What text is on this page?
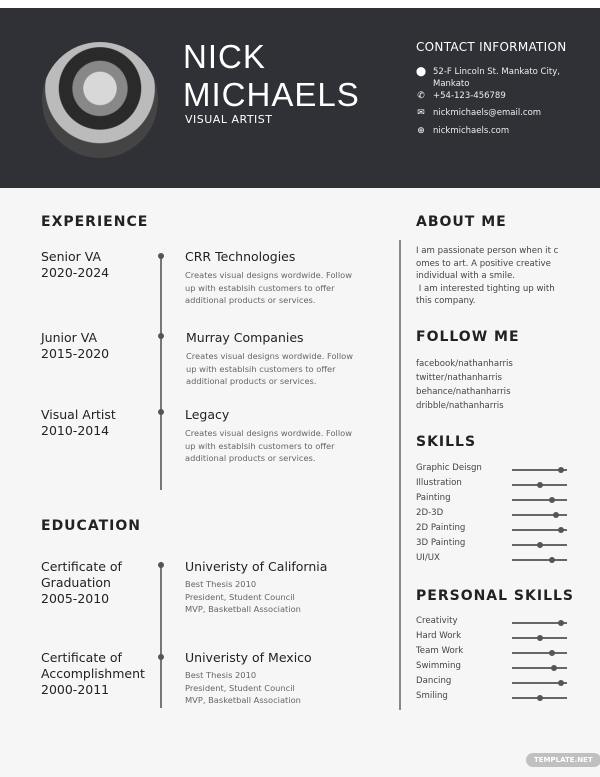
NICK
MICHAELS
VISUAL ARTIST
CONTACT INFORMATION
⬤ 52-F Lincoln St. Mankato City,
Mankato
✆ +54-123-456789
✉ nickmichaels@email.com
⊕ nickmichaels.com
EXPERIENCE
Senior VA
2020-2024
CRR Technologies
Creates visual designs wordwide. Follow up with establsih customers to offer additional products or services.
Junior VA
2015-2020
Murray Companies
Creates visual designs wordwide. Follow up with establsih customers to offer additional products or services.
Visual Artist
2010-2014
Legacy
Creates visual designs wordwide. Follow up with establsih customers to offer additional products or services.
EDUCATION
Certificate of
Graduation
2005-2010
Univeristy of California
Best Thesis 2010
President, Student Council
MVP, Basketball Association
Certificate of
Accomplishment
2000-2011
Univeristy of Mexico
Best Thesis 2010
President, Student Council
MVP, Basketball Association
ABOUT ME
I am passionate person when it c
omes to art. A positive creative
individual with a smile.
I am interested tighting up with
this company.
FOLLOW ME
facebook/nathanharris
twitter/nathanharris
behance/nathanharris
dribble/nathanharris
SKILLS
Graphic Deisgn
Illustration
Painting
2D-3D
2D Painting
3D Painting
UI/UX
PERSONAL SKILLS
Creativity
Hard Work
Team Work
Swimming
Dancing
Smiling
TEMPLATE.NET
